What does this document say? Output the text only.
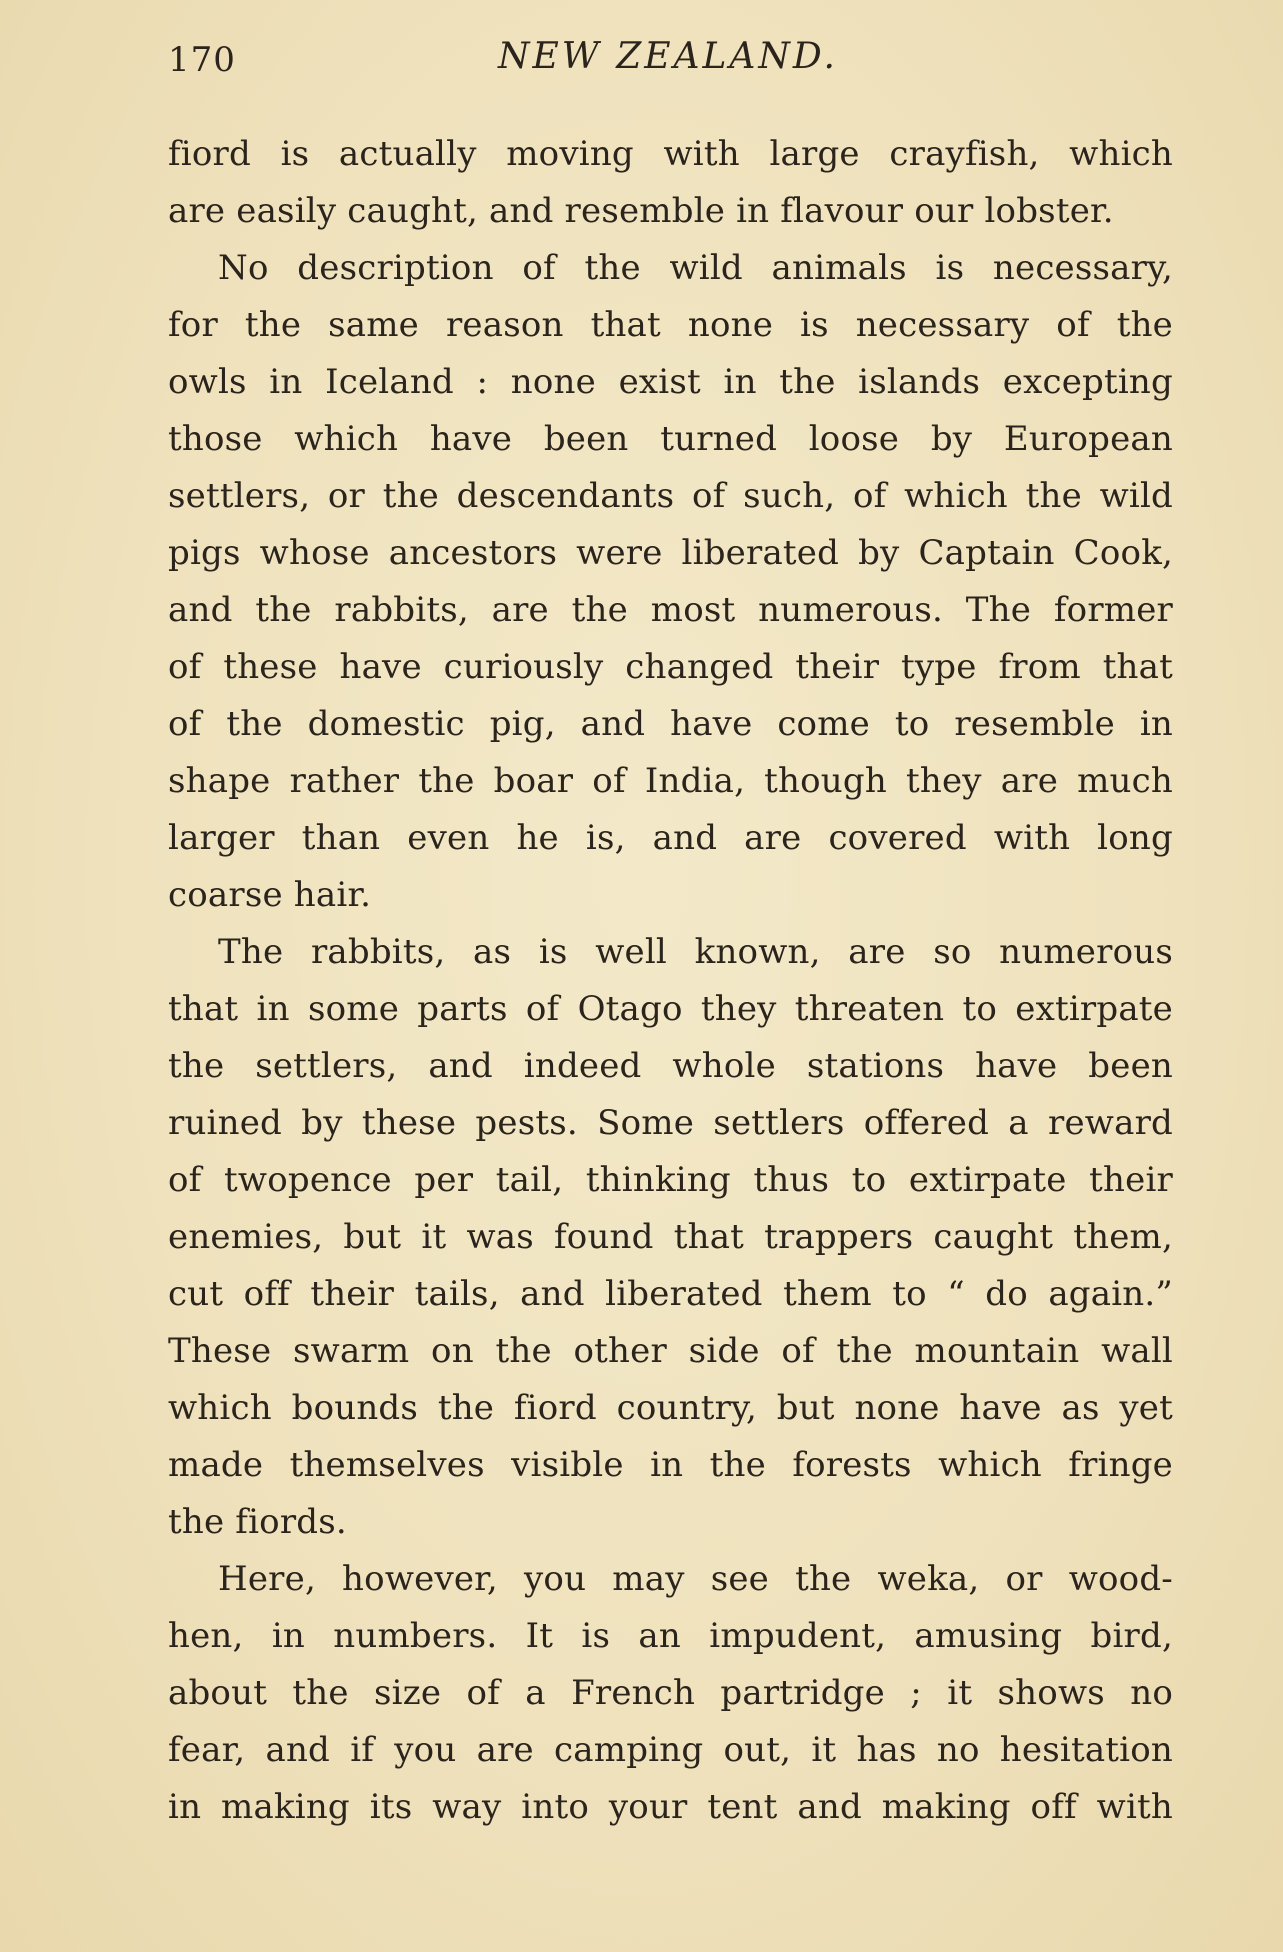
170	NEW ZEALAND.
fiord is actually moving with large crayfish, which
are easily caught, and resemble in flavour our lobster.
No description of the wild animals is necessary,
for the same reason that none is necessary of the
owls in Iceland : none exist in the islands excepting
those which have been turned loose by European
settlers, or the descendants of such, of which the wild
pigs whose ancestors were liberated by Captain Cook,
and the rabbits, are the most numerous. The former
of these have curiously changed their type from that
of the domestic pig, and have come to resemble in
shape rather the boar of India, though they are much
larger than even he is, and are covered with long
coarse hair.
The rabbits, as is well known, are so numerous
that in some parts of Otago they threaten to extirpate
the settlers, and indeed whole stations have been
ruined by these pests. Some settlers offered a reward
of twopence per tail, thinking thus to extirpate their
enemies, but it was found that trappers caught them,
cut off their tails, and liberated them to “ do again.”
These swarm on the other side of the mountain wall
which bounds the fiord country, but none have as yet
made themselves visible in the forests which fringe
the fiords.
Here, however, you may see the weka, or wood-
hen, in numbers. It is an impudent, amusing bird,
about the size of a French partridge ; it shows no
fear, and if you are camping out, it has no hesitation
in making its way into your tent and making off with
